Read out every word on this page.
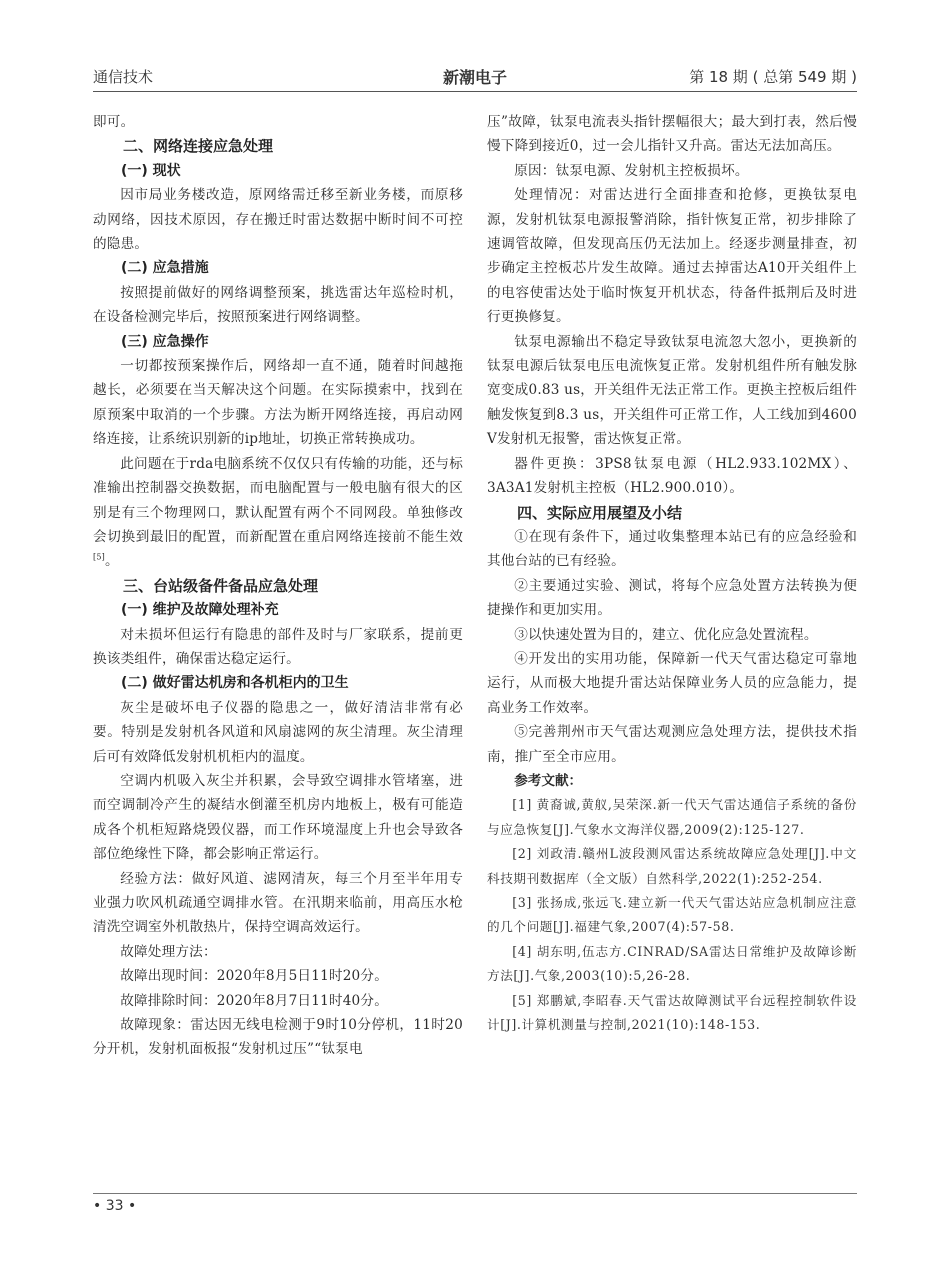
通信技术	新潮电子	第 18 期 ( 总第 549 期 )

即可。

二、网络连接应急处理

(一) 现状

因市局业务楼改造，原网络需迁移至新业务楼，而原移动网络，因技术原因，存在搬迁时雷达数据中断时间不可控的隐患。

(二) 应急措施

按照提前做好的网络调整预案，挑选雷达年巡检时机，在设备检测完毕后，按照预案进行网络调整。

(三) 应急操作

一切都按预案操作后，网络却一直不通，随着时间越拖越长，必须要在当天解决这个问题。在实际摸索中，找到在原预案中取消的一个步骤。方法为断开网络连接，再启动网络连接，让系统识别新的ip地址，切换正常转换成功。

此问题在于rda电脑系统不仅仅只有传输的功能，还与标准输出控制器交换数据，而电脑配置与一般电脑有很大的区别是有三个物理网口，默认配置有两个不同网段。单独修改会切换到最旧的配置，而新配置在重启网络连接前不能生效[5]。

三、台站级备件备品应急处理

(一) 维护及故障处理补充

对未损坏但运行有隐患的部件及时与厂家联系，提前更换该类组件，确保雷达稳定运行。

(二) 做好雷达机房和各机柜内的卫生

灰尘是破坏电子仪器的隐患之一，做好清洁非常有必要。特别是发射机各风道和风扇滤网的灰尘清理。灰尘清理后可有效降低发射机机柜内的温度。

空调内机吸入灰尘并积累，会导致空调排水管堵塞，进而空调制冷产生的凝结水倒灌至机房内地板上，极有可能造成各个机柜短路烧毁仪器，而工作环境湿度上升也会导致各部位绝缘性下降，都会影响正常运行。

经验方法：做好风道、滤网清灰，每三个月至半年用专业强力吹风机疏通空调排水管。在汛期来临前，用高压水枪清洗空调室外机散热片，保持空调高效运行。

故障处理方法：

故障出现时间：2020年8月5日11时20分。

故障排除时间：2020年8月7日11时40分。

故障现象：雷达因无线电检测于9时10分停机，11时20分开机，发射机面板报“发射机过压”“钛泵电

压”故障，钛泵电流表头指针摆幅很大；最大到打表，然后慢慢下降到接近0，过一会儿指针又升高。雷达无法加高压。

原因：钛泵电源、发射机主控板损坏。

处理情况：对雷达进行全面排查和抢修，更换钛泵电源，发射机钛泵电源报警消除，指针恢复正常，初步排除了速调管故障，但发现高压仍无法加上。经逐步测量排查，初步确定主控板芯片发生故障。通过去掉雷达A10开关组件上的电容使雷达处于临时恢复开机状态，待备件抵荆后及时进行更换修复。

钛泵电源输出不稳定导致钛泵电流忽大忽小，更换新的钛泵电源后钛泵电压电流恢复正常。发射机组件所有触发脉宽变成0.83 us，开关组件无法正常工作。更换主控板后组件触发恢复到8.3 us，开关组件可正常工作，人工线加到4600 V发射机无报警，雷达恢复正常。

器件更换：3PS8钛泵电源（HL2.933.102MX）、3A3A1发射机主控板（HL2.900.010）。

四、实际应用展望及小结

①在现有条件下，通过收集整理本站已有的应急经验和其他台站的已有经验。

②主要通过实验、测试，将每个应急处置方法转换为便捷操作和更加实用。

③以快速处置为目的，建立、优化应急处置流程。

④开发出的实用功能，保障新一代天气雷达稳定可靠地运行，从而极大地提升雷达站保障业务人员的应急能力，提高业务工作效率。

⑤完善荆州市天气雷达观测应急处理方法，提供技术指南，推广至全市应用。

参考文献：

[1] 黄裔诚,黄舣,吴荣深.新一代天气雷达通信子系统的备份与应急恢复[J].气象水文海洋仪器,2009(2):125-127.

[2] 刘政清.赣州L波段测风雷达系统故障应急处理[J].中文科技期刊数据库（全文版）自然科学,2022(1):252-254.

[3] 张扬成,张远飞.建立新一代天气雷达站应急机制应注意的几个问题[J].福建气象,2007(4):57-58.

[4] 胡东明,伍志方.CINRAD/SA雷达日常维护及故障诊断方法[J].气象,2003(10):5,26-28.

[5] 郑鹏斌,李昭春.天气雷达故障测试平台远程控制软件设计[J].计算机测量与控制,2021(10):148-153.

• 33 •
